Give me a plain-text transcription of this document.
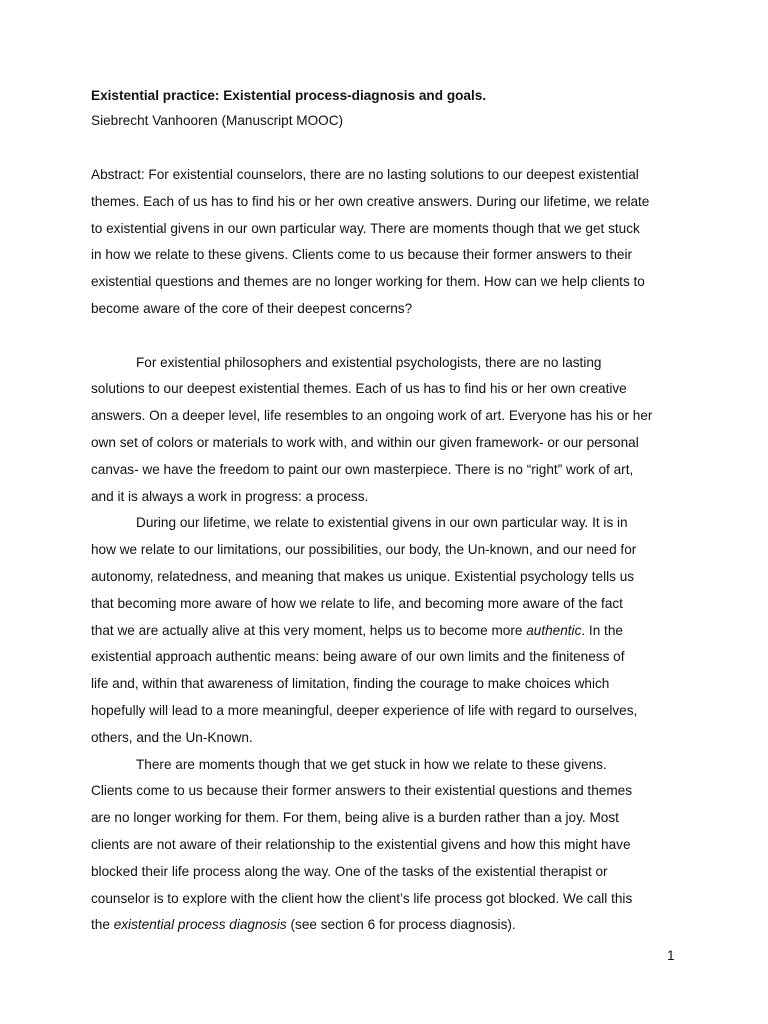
Existential practice: Existential process-diagnosis and goals.
Siebrecht Vanhooren (Manuscript MOOC)
Abstract: For existential counselors, there are no lasting solutions to our deepest existential
themes. Each of us has to find his or her own creative answers. During our lifetime, we relate
to existential givens in our own particular way. There are moments though that we get stuck
in how we relate to these givens. Clients come to us because their former answers to their
existential questions and themes are no longer working for them. How can we help clients to
become aware of the core of their deepest concerns?
For existential philosophers and existential psychologists, there are no lasting
solutions to our deepest existential themes. Each of us has to find his or her own creative
answers. On a deeper level, life resembles to an ongoing work of art. Everyone has his or her
own set of colors or materials to work with, and within our given framework- or our personal
canvas- we have the freedom to paint our own masterpiece. There is no “right” work of art,
and it is always a work in progress: a process.
During our lifetime, we relate to existential givens in our own particular way. It is in
how we relate to our limitations, our possibilities, our body, the Un-known, and our need for
autonomy, relatedness, and meaning that makes us unique. Existential psychology tells us
that becoming more aware of how we relate to life, and becoming more aware of the fact
that we are actually alive at this very moment, helps us to become more authentic. In the
existential approach authentic means: being aware of our own limits and the finiteness of
life and, within that awareness of limitation, finding the courage to make choices which
hopefully will lead to a more meaningful, deeper experience of life with regard to ourselves,
others, and the Un-Known.
There are moments though that we get stuck in how we relate to these givens.
Clients come to us because their former answers to their existential questions and themes
are no longer working for them. For them, being alive is a burden rather than a joy. Most
clients are not aware of their relationship to the existential givens and how this might have
blocked their life process along the way. One of the tasks of the existential therapist or
counselor is to explore with the client how the client’s life process got blocked. We call this
the existential process diagnosis (see section 6 for process diagnosis).
1
